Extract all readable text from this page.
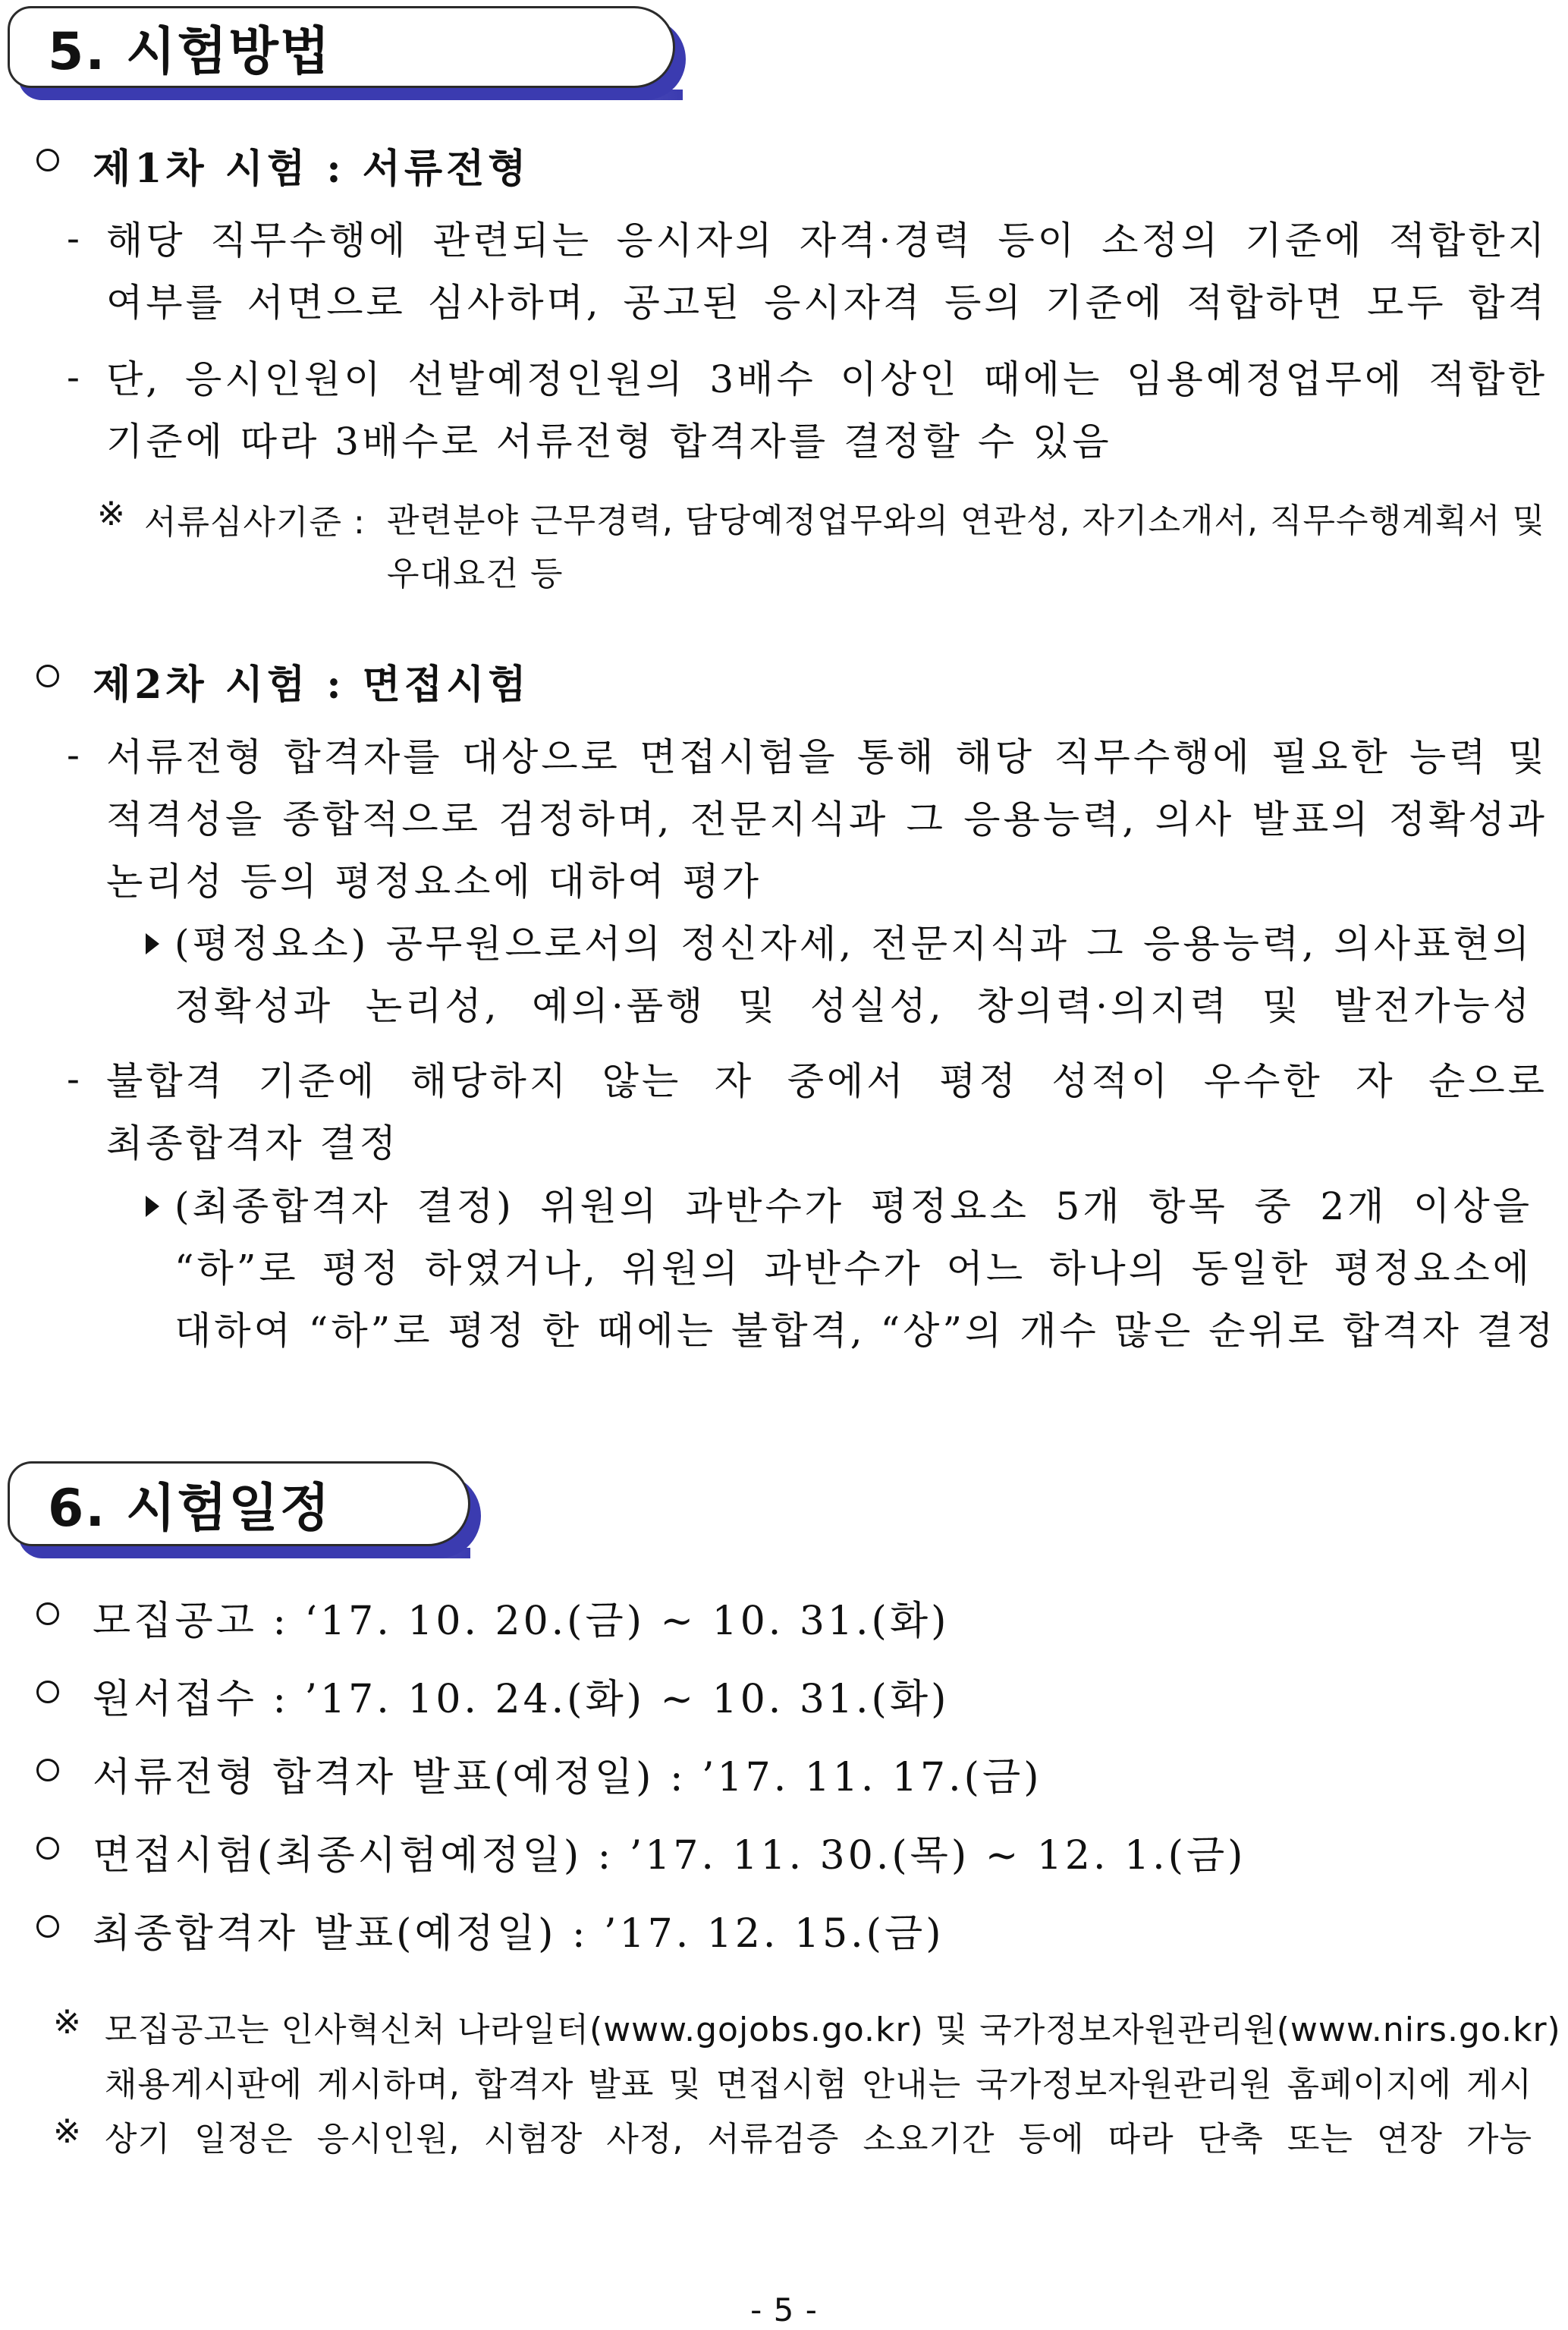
5. 시험방법
제1차 시험 : 서류전형
- 해당 직무수행에 관련되는 응시자의 자격·경력 등이 소정의 기준에 적합한지
여부를 서면으로 심사하며, 공고된 응시자격 등의 기준에 적합하면 모두 합격
- 단, 응시인원이 선발예정인원의 3배수 이상인 때에는 임용예정업무에 적합한
기준에 따라 3배수로 서류전형 합격자를 결정할 수 있음
※ 서류심사기준 : 관련분야 근무경력, 담당예정업무와의 연관성, 자기소개서, 직무수행계획서 및
우대요건 등
제2차 시험 : 면접시험
- 서류전형 합격자를 대상으로 면접시험을 통해 해당 직무수행에 필요한 능력 및
적격성을 종합적으로 검정하며, 전문지식과 그 응용능력, 의사 발표의 정확성과
논리성 등의 평정요소에 대하여 평가
(평정요소) 공무원으로서의 정신자세, 전문지식과 그 응용능력, 의사표현의
정확성과 논리성, 예의·품행 및 성실성, 창의력·의지력 및 발전가능성
- 불합격 기준에 해당하지 않는 자 중에서 평정 성적이 우수한 자 순으로
최종합격자 결정
(최종합격자 결정) 위원의 과반수가 평정요소 5개 항목 중 2개 이상을
“하”로 평정 하였거나, 위원의 과반수가 어느 하나의 동일한 평정요소에
대하여 “하”로 평정 한 때에는 불합격, “상”의 개수 많은 순위로 합격자 결정
6. 시험일정
모집공고 : ‘17. 10. 20.(금) ~ 10. 31.(화)
원서접수 : ’17. 10. 24.(화) ~ 10. 31.(화)
서류전형 합격자 발표(예정일) : ’17. 11. 17.(금)
면접시험(최종시험예정일) : ’17. 11. 30.(목) ~ 12. 1.(금)
최종합격자 발표(예정일) : ’17. 12. 15.(금)
※ 모집공고는 인사혁신처 나라일터(www.gojobs.go.kr) 및 국가정보자원관리원(www.nirs.go.kr)
채용게시판에 게시하며, 합격자 발표 및 면접시험 안내는 국가정보자원관리원 홈페이지에 게시
※ 상기 일정은 응시인원, 시험장 사정, 서류검증 소요기간 등에 따라 단축 또는 연장 가능
- 5 -
